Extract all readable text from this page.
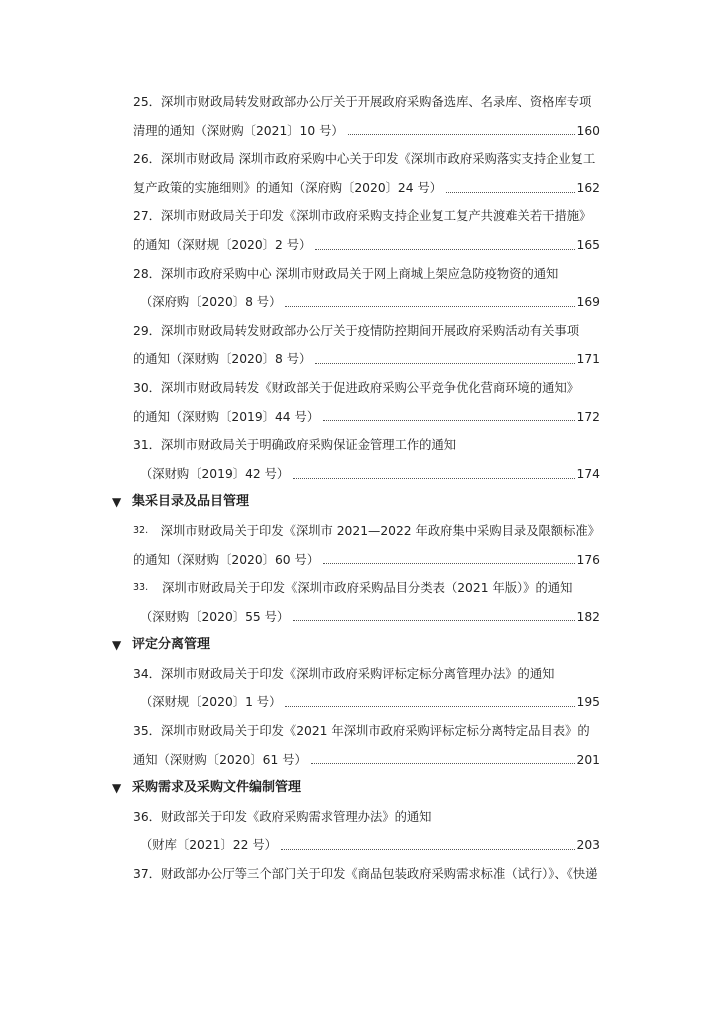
25．深圳市财政局转发财政部办公厅关于开展政府采购备选库、名录库、资格库专项
清理的通知（深财购〔2021〕10 号）	160
26．深圳市财政局 深圳市政府采购中心关于印发《深圳市政府采购落实支持企业复工
复产政策的实施细则》的通知（深府购〔2020〕24 号）	162
27．深圳市财政局关于印发《深圳市政府采购支持企业复工复产共渡难关若干措施》
的通知（深财规〔2020〕2 号）	165
28．深圳市政府采购中心 深圳市财政局关于网上商城上架应急防疫物资的通知
（深府购〔2020〕8 号）	169
29．深圳市财政局转发财政部办公厅关于疫情防控期间开展政府采购活动有关事项
的通知（深财购〔2020〕8 号）	171
30．深圳市财政局转发《财政部关于促进政府采购公平竞争优化营商环境的通知》
的通知（深财购〔2019〕44 号）	172
31．深圳市财政局关于明确政府采购保证金管理工作的通知
（深财购〔2019〕42 号）	174
▼ 集采目录及品目管理
32. 深圳市财政局关于印发《深圳市 2021—2022 年政府集中采购目录及限额标准》
的通知（深财购〔2020〕60 号）	176
33. 深圳市财政局关于印发《深圳市政府采购品目分类表（2021 年版）》的通知
（深财购〔2020〕55 号）	182
▼ 评定分离管理
34．深圳市财政局关于印发《深圳市政府采购评标定标分离管理办法》的通知
（深财规〔2020〕1 号）	195
35．深圳市财政局关于印发《2021 年深圳市政府采购评标定标分离特定品目表》的
通知（深财购〔2020〕61 号）	201
▼ 采购需求及采购文件编制管理
36．财政部关于印发《政府采购需求管理办法》的通知
（财库〔2021〕22 号）	203
37．财政部办公厅等三个部门关于印发《商品包装政府采购需求标准（试行）》、《快递
